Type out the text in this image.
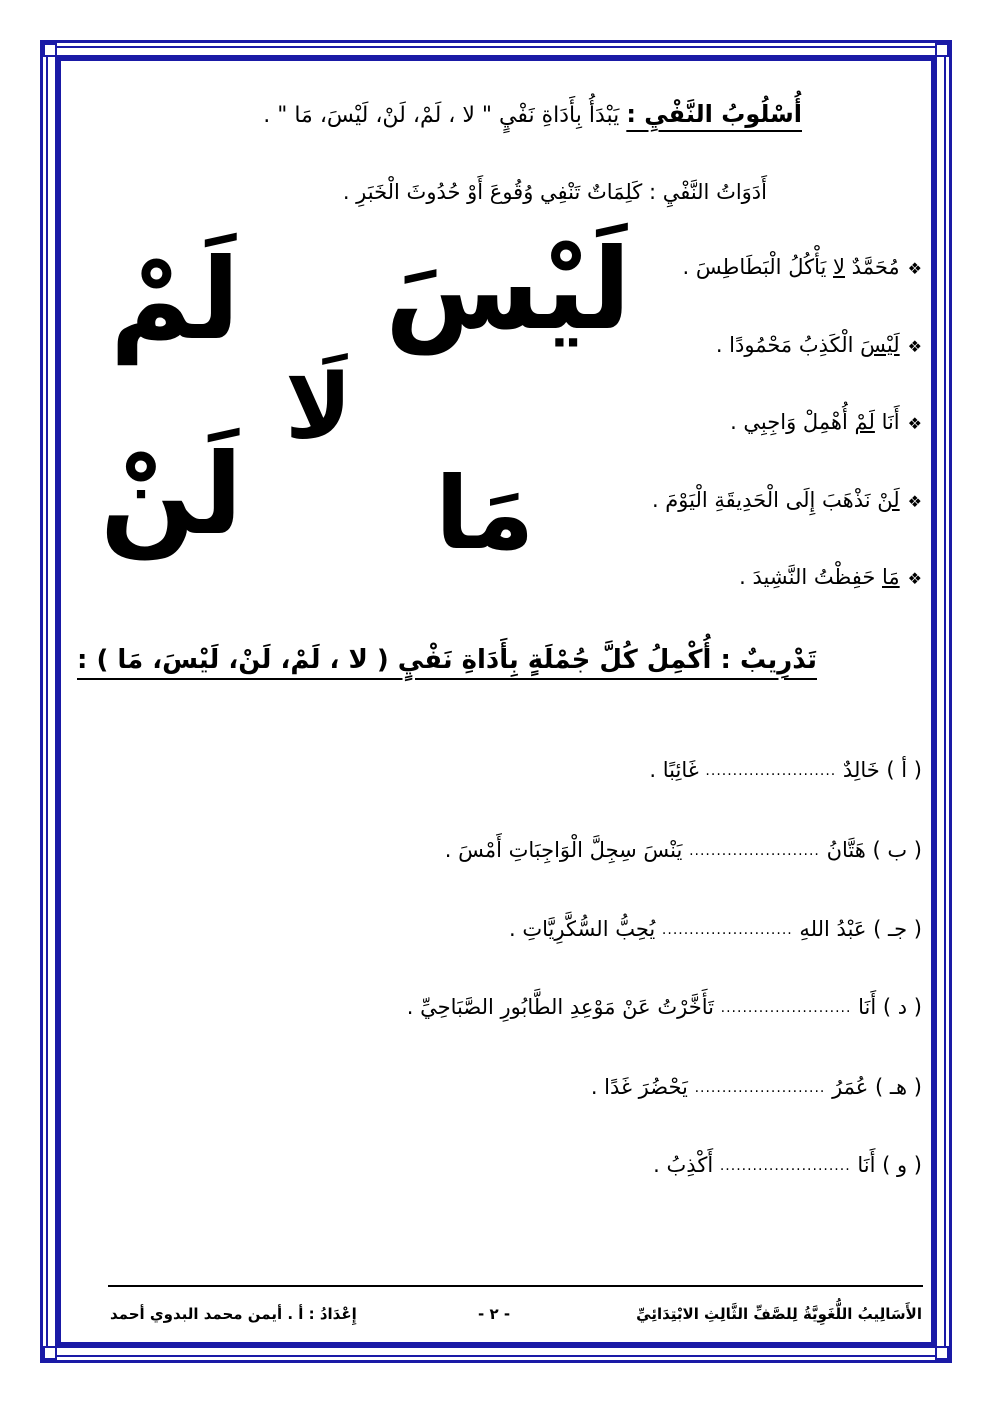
أُسْلُوبُ النَّفْيِ : يَبْدَأُ بِأَدَاةِ نَفْيٍ " لا ، لَمْ، لَنْ، لَيْسَ، مَا " .
أَدَوَاتُ النَّفْيِ : كَلِمَاتٌ تَنْفِي وُقُوعَ أَوْ حُدُوثَ الْخَبَرِ .
❖مُحَمَّدٌ لا يَأْكُلُ الْبَطَاطِسَ .
❖لَيْسَ الْكَذِبُ مَحْمُودًا .
❖أَنَا لَمْ أُهْمِلْ وَاجِبِي .
❖لَنْ نَذْهَبَ إِلَى الْحَدِيقَةِ الْيَوْمَ .
❖مَا حَفِظْتُ النَّشِيدَ .
لَمْ لَيْسَ
لَا
لَنْ مَا
تَدْرِيبٌ : أُكْمِلُ كُلَّ جُمْلَةٍ بِأَدَاةِ نَفْيٍ ( لا ، لَمْ، لَنْ، لَيْسَ، مَا ) :
( أ ) خَالِدٌ ........................ غَائِبًا .
( ب ) هَتَّانُ ........................ يَنْسَ سِجِلَّ الْوَاجِبَاتِ أَمْسَ .
( جـ ) عَبْدُ اللهِ ........................ يُحِبُّ السُّكَّرِيَّاتِ .
( د ) أَنَا ........................ تَأَخَّرْتُ عَنْ مَوْعِدِ الطَّابُورِ الصَّبَاحِيِّ .
( هـ ) عُمَرُ ........................ يَحْضُرَ غَدًا .
( و ) أَنَا ........................ أَكْذِبُ .
الأَسَالِيبُ اللُّغَوِيَّةُ لِلصَّفِّ الثَّالِثِ الابْتِدَائِيِّ
- ٢ -
إِعْدَادُ : أ . أيمن محمد البدوي أحمد
